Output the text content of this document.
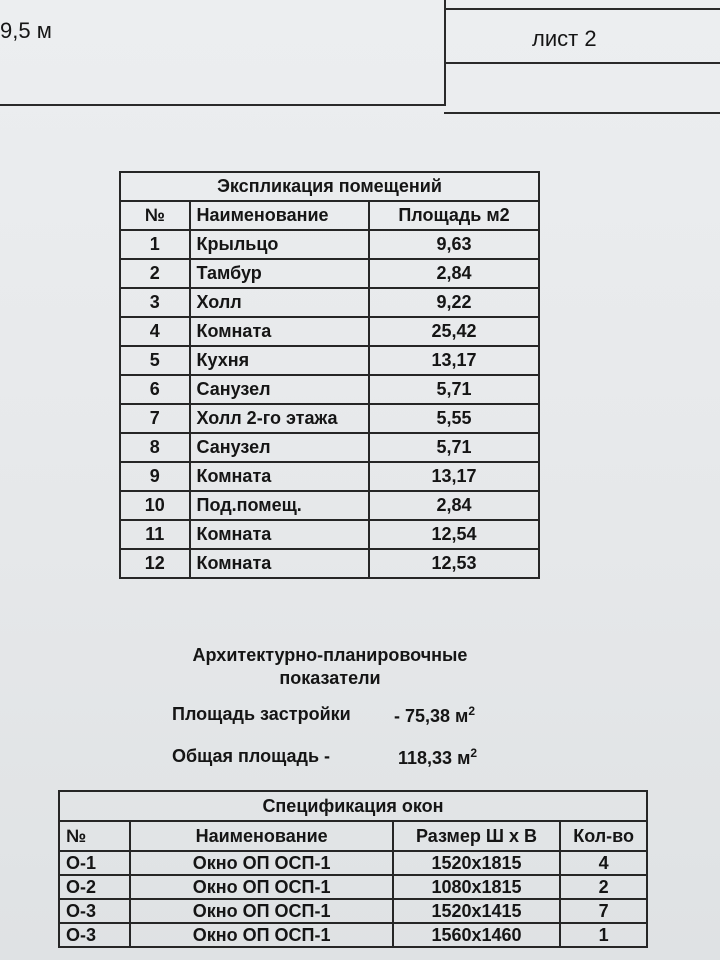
9,5 м	лист 2
Экспликация помещений		
№	Наименование	Площадь м2
1	Крыльцо	9,63
2	Тамбур	2,84
3	Холл	9,22
4	Комната	25,42
5	Кухня	13,17
6	Санузел	5,71
7	Холл 2-го этажа	5,55
8	Санузел	5,71
9	Комната	13,17
10	Под.помещ.	2,84
11	Комната	12,54
12	Комната	12,53
Архитектурно-планировочные
показатели
Площадь застройки - 75,38 $м^2$
Общая площадь -	118,33 $м^2$
Спецификация окон			
№	Наименование	Размер Ш х В	Кол-во
О-1	Окно ОП ОСП-1	1520х1815	4
О-2	Окно ОП ОСП-1	1080х1815	2
О-3	Окно ОП ОСП-1	1520х1415	7
О-3	Окно ОП ОСП-1	1560х1460	1
